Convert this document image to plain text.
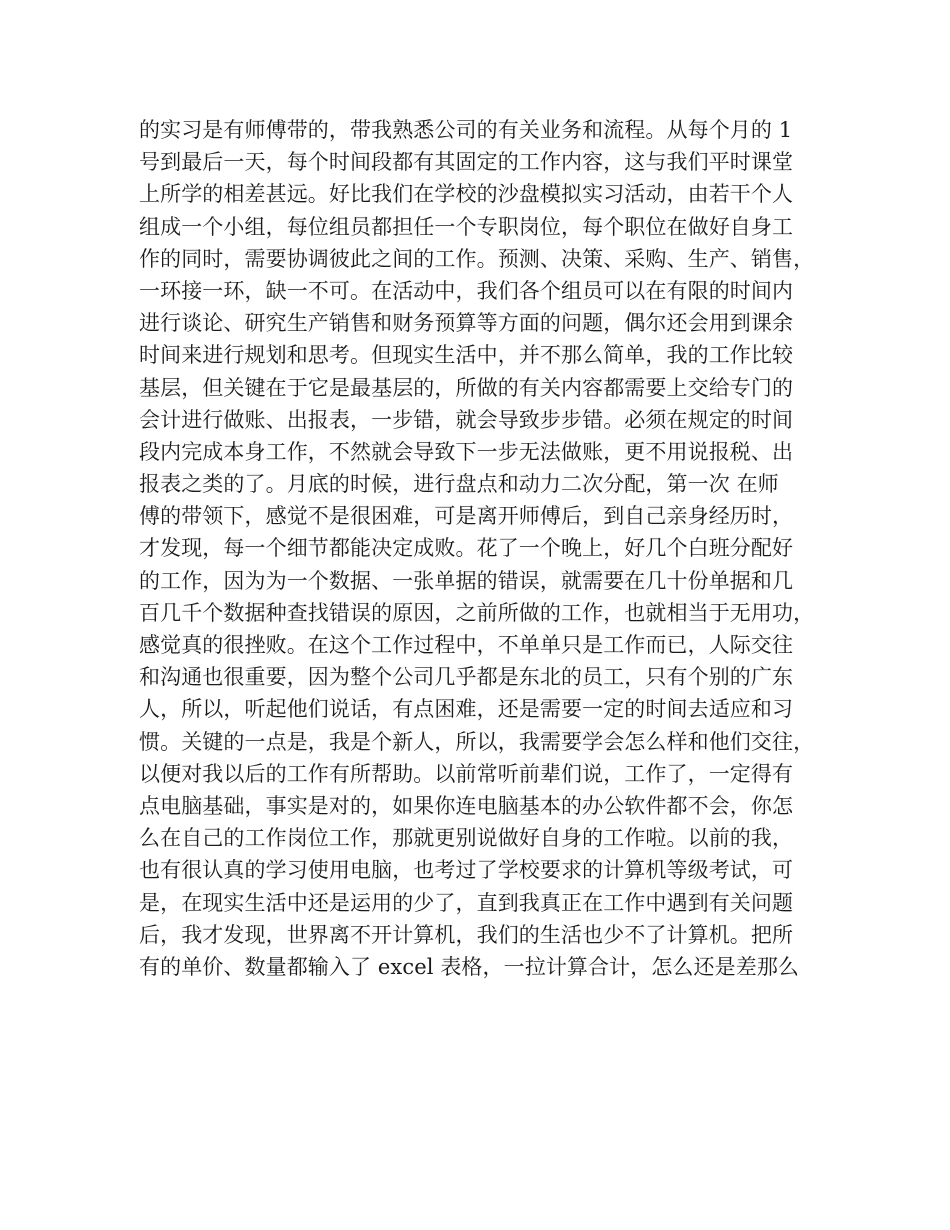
的实习是有师傅带的，带我熟悉公司的有关业务和流程。从每个月的 1
号到最后一天，每个时间段都有其固定的工作内容，这与我们平时课堂
上所学的相差甚远。好比我们在学校的沙盘模拟实习活动，由若干个人
组成一个小组，每位组员都担任一个专职岗位，每个职位在做好自身工
作的同时，需要协调彼此之间的工作。预测、决策、采购、生产、销售，
一环接一环，缺一不可。在活动中，我们各个组员可以在有限的时间内
进行谈论、研究生产销售和财务预算等方面的问题，偶尔还会用到课余
时间来进行规划和思考。但现实生活中，并不那么简单，我的工作比较
基层，但关键在于它是最基层的，所做的有关内容都需要上交给专门的
会计进行做账、出报表，一步错，就会导致步步错。必须在规定的时间
段内完成本身工作，不然就会导致下一步无法做账，更不用说报税、出
报表之类的了。月底的时候，进行盘点和动力二次分配，第一次 在师
傅的带领下，感觉不是很困难，可是离开师傅后，到自己亲身经历时，
才发现，每一个细节都能决定成败。花了一个晚上，好几个白班分配好
的工作，因为为一个数据、一张单据的错误，就需要在几十份单据和几
百几千个数据种查找错误的原因，之前所做的工作，也就相当于无用功，
感觉真的很挫败。在这个工作过程中，不单单只是工作而已，人际交往
和沟通也很重要，因为整个公司几乎都是东北的员工，只有个别的广东
人，所以，听起他们说话，有点困难，还是需要一定的时间去适应和习
惯。关键的一点是，我是个新人，所以，我需要学会怎么样和他们交往，
以便对我以后的工作有所帮助。以前常听前辈们说，工作了，一定得有
点电脑基础，事实是对的，如果你连电脑基本的办公软件都不会，你怎
么在自己的工作岗位工作，那就更别说做好自身的工作啦。以前的我，
也有很认真的学习使用电脑，也考过了学校要求的计算机等级考试，可
是，在现实生活中还是运用的少了，直到我真正在工作中遇到有关问题
后，我才发现，世界离不开计算机，我们的生活也少不了计算机。把所
有的单价、数量都输入了 excel 表格，一拉计算合计，怎么还是差那么
